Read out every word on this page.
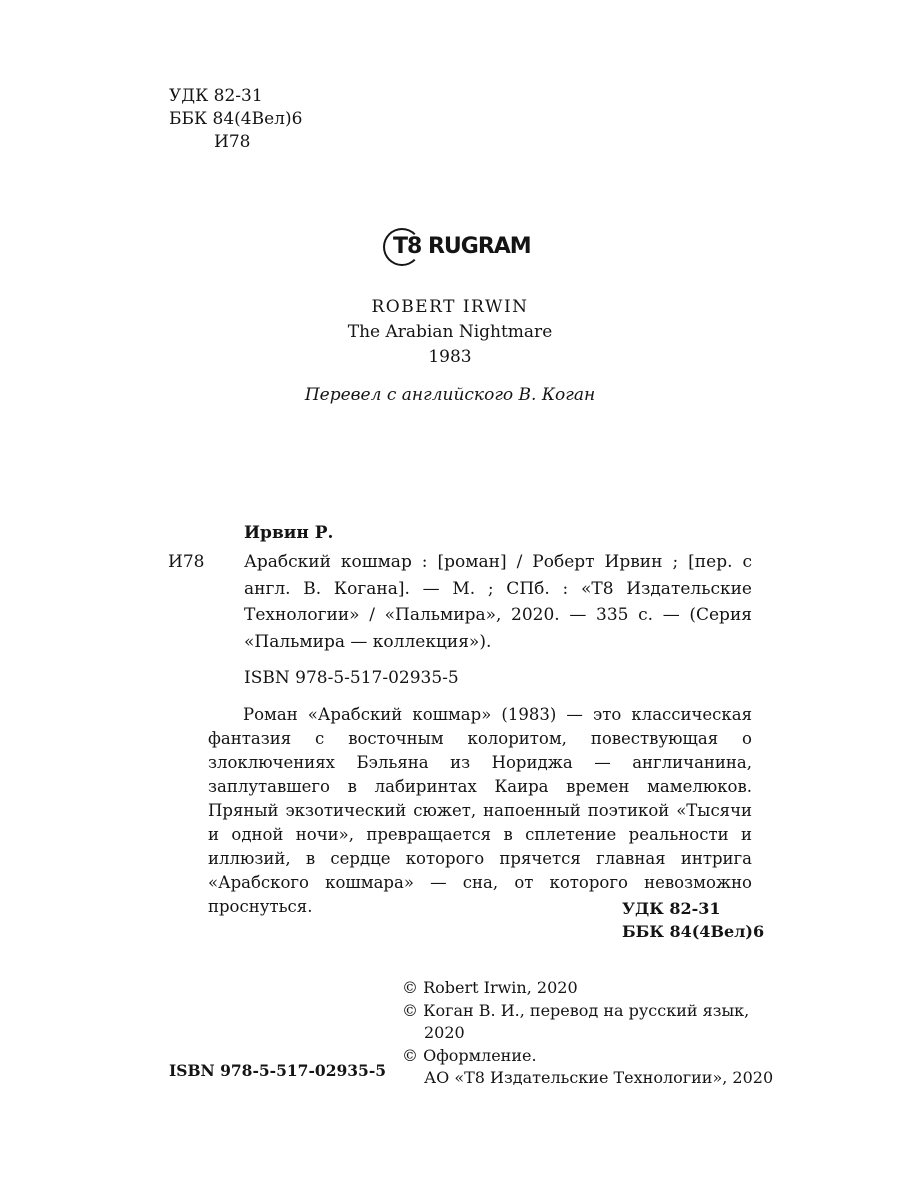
УДК 82-31
ББК 84(4Вел)6
И78
T8 RUGRAM
ROBERT IRWIN
The Arabian Nightmare
1983
Перевел с английского В. Коган
Ирвин Р.
И78	Арабский кошмар : [роман] / Роберт Ирвин ; [пер. с англ. В. Когана]. — М. ; СПб. : «Т8 Издательские Технологии» / «Пальмира», 2020. — 335 с. — (Серия «Пальмира — коллекция»).
ISBN 978-5-517-02935-5
Роман «Арабский кошмар» (1983) — это классическая фантазия с восточным колоритом, повествующая о злоключениях Бэльяна из Нориджа — англичанина, заплутавшего в лабиринтах Каира времен мамелюков. Пряный экзотический сюжет, напоенный поэтикой «Тысячи и одной ночи», превращается в сплетение реальности и иллюзий, в сердце которого прячется главная интрига «Арабского кошмара» — сна, от которого невозможно проснуться.	УДК 82-31
ББК 84(4Вел)6
© Robert Irwin, 2020
© Коган В. И., перевод на русский язык,
2020
© Оформление.
АО «Т8 Издательские Технологии», 2020
ISBN 978-5-517-02935-5
